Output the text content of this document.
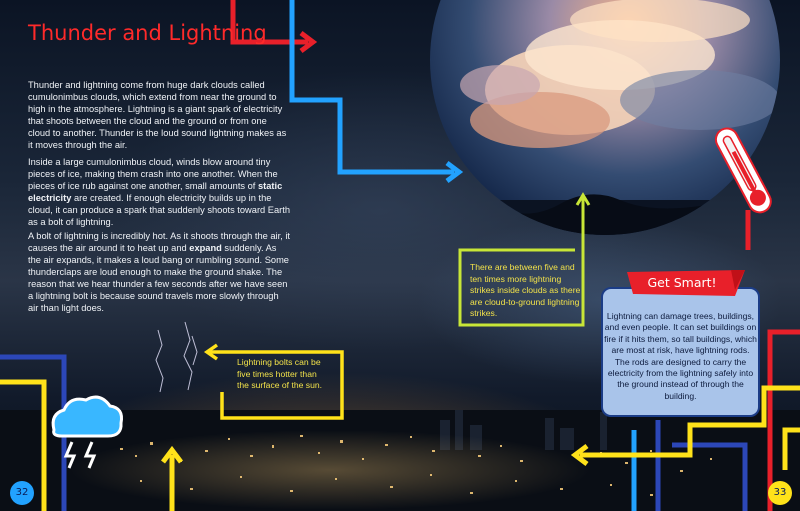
Thunder and Lightning

Thunder and lightning come from huge dark clouds called cumulonimbus clouds, which extend from near the ground to high in the atmosphere. Lightning is a giant spark of electricity that shoots between the cloud and the ground or from one cloud to another. Thunder is the loud sound lightning makes as it moves through the air.

Inside a large cumulonimbus cloud, winds blow around tiny pieces of ice, making them crash into one another. When the pieces of ice rub against one another, small amounts of static electricity are created. If enough electricity builds up in the cloud, it can produce a spark that suddenly shoots toward Earth as a bolt of lightning.

A bolt of lightning is incredibly hot. As it shoots through the air, it causes the air around it to heat up and expand suddenly. As the air expands, it makes a loud bang or rumbling sound. Some thunderclaps are loud enough to make the ground shake. The reason that we hear thunder a few seconds after we have seen a lightning bolt is because sound travels more slowly through air than light does.

There are between five and ten times more lightning strikes inside clouds as there are cloud-to-ground lightning strikes.
Lightning bolts can be five times hotter than the surface of the sun.
Get Smart!

Lightning can damage trees, buildings, and even people. It can set buildings on fire if it hits them, so tall buildings, which are most at risk, have lightning rods. The rods are designed to carry the electricity from the lightning safely into the ground instead of through the building.

32	33
